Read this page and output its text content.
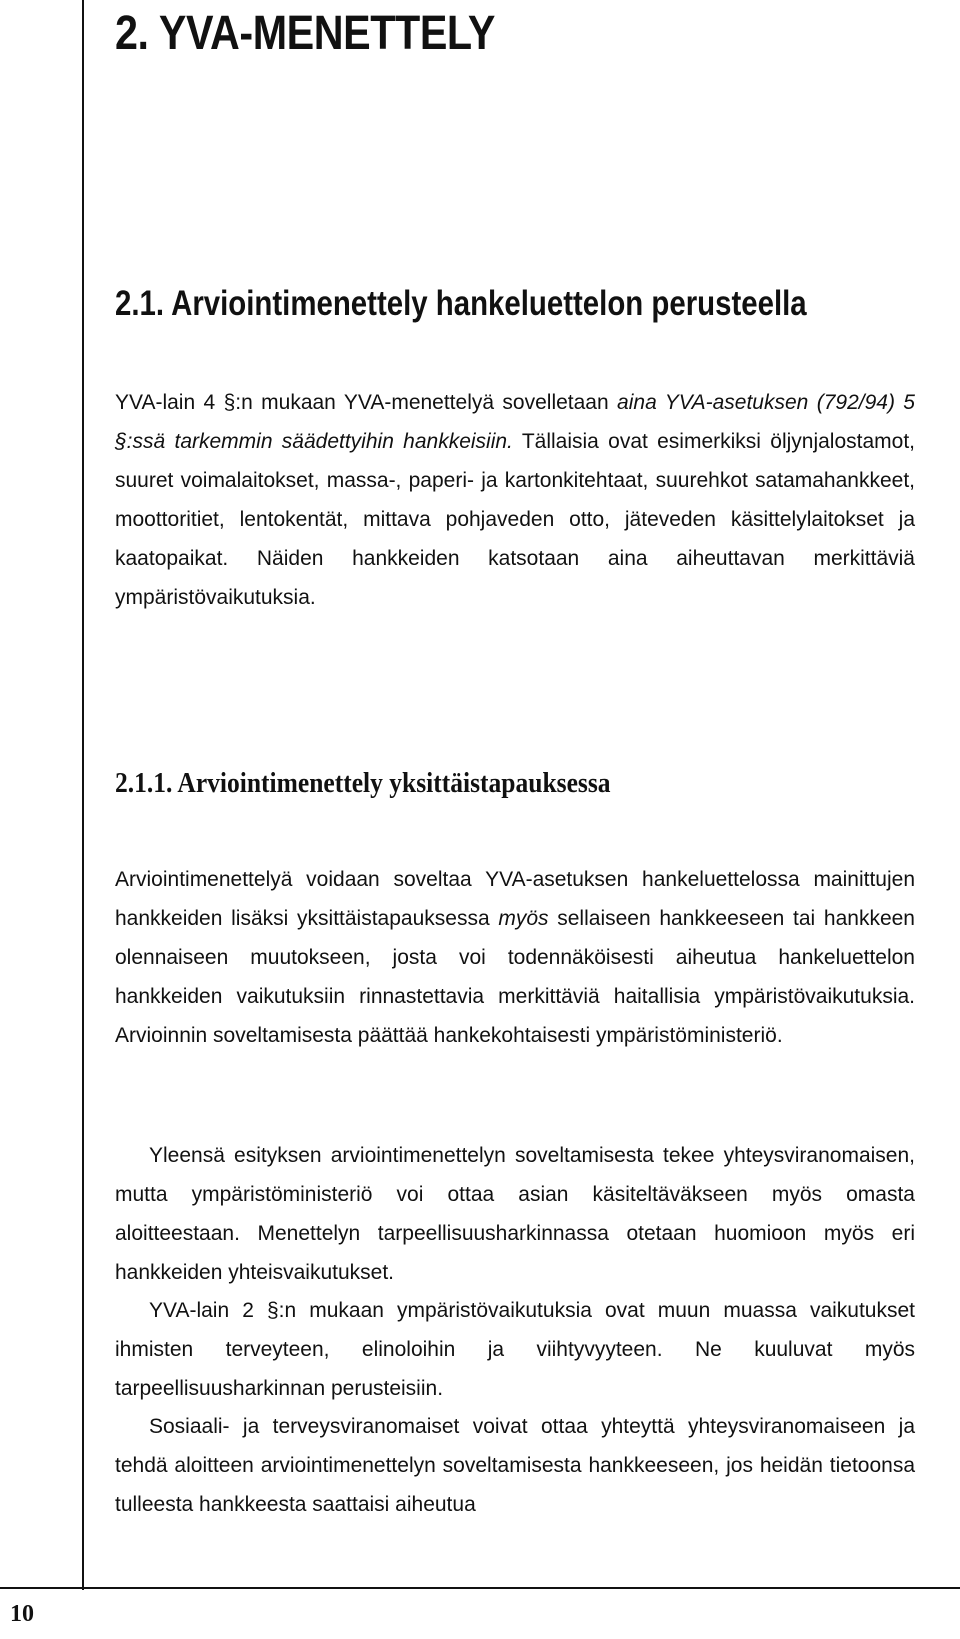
10
2. YVA-MENETTELY
2.1. Arviointimenettely hankeluettelon perusteella

YVA-lain 4 §:n mukaan YVA-menettelyä sovelletaan aina YVA-asetuksen (792/94) 5 §:ssä tarkemmin säädettyihin hankkeisiin. Tällaisia ovat esimerkiksi öljynjalostamot, suuret voimalaitokset, massa-, paperi- ja kartonkitehtaat, suurehkot satamahankkeet, moottoritiet, lentokentät, mittava pohjaveden otto, jäteveden käsittelylaitokset ja kaatopaikat. Näiden hankkeiden katsotaan aina aiheuttavan merkittäviä ympäristövaikutuksia.

2.1.1. Arviointimenettely yksittäistapauksessa

Arviointimenettelyä voidaan soveltaa YVA-asetuksen hankeluettelossa mainittujen hankkeiden lisäksi yksittäistapauksessa myös sellaiseen hankkeeseen tai hankkeen olennaiseen muutokseen, josta voi todennäköisesti aiheutua hankeluettelon hankkeiden vaikutuksiin rinnastettavia merkittäviä haitallisia ympäristövaikutuksia. Arvioinnin soveltamisesta päättää hankekohtaisesti ympäristöministeriö.

Yleensä esityksen arviointimenettelyn soveltamisesta tekee yhteysviranomaisen, mutta ympäristöministeriö voi ottaa asian käsiteltäväkseen myös omasta aloitteestaan. Menettelyn tarpeellisuusharkinnassa otetaan huomioon myös eri hankkeiden yhteisvaikutukset.

YVA-lain 2 §:n mukaan ympäristövaikutuksia ovat muun muassa vaikutukset ihmisten terveyteen, elinoloihin ja viihtyvyyteen. Ne kuuluvat myös tarpeellisuusharkinnan perusteisiin.

Sosiaali- ja terveysviranomaiset voivat ottaa yhteyttä yhteysviranomaiseen ja tehdä aloitteen arviointimenettelyn soveltamisesta hankkeeseen, jos heidän tietoonsa tulleesta hankkeesta saattaisi aiheutua
